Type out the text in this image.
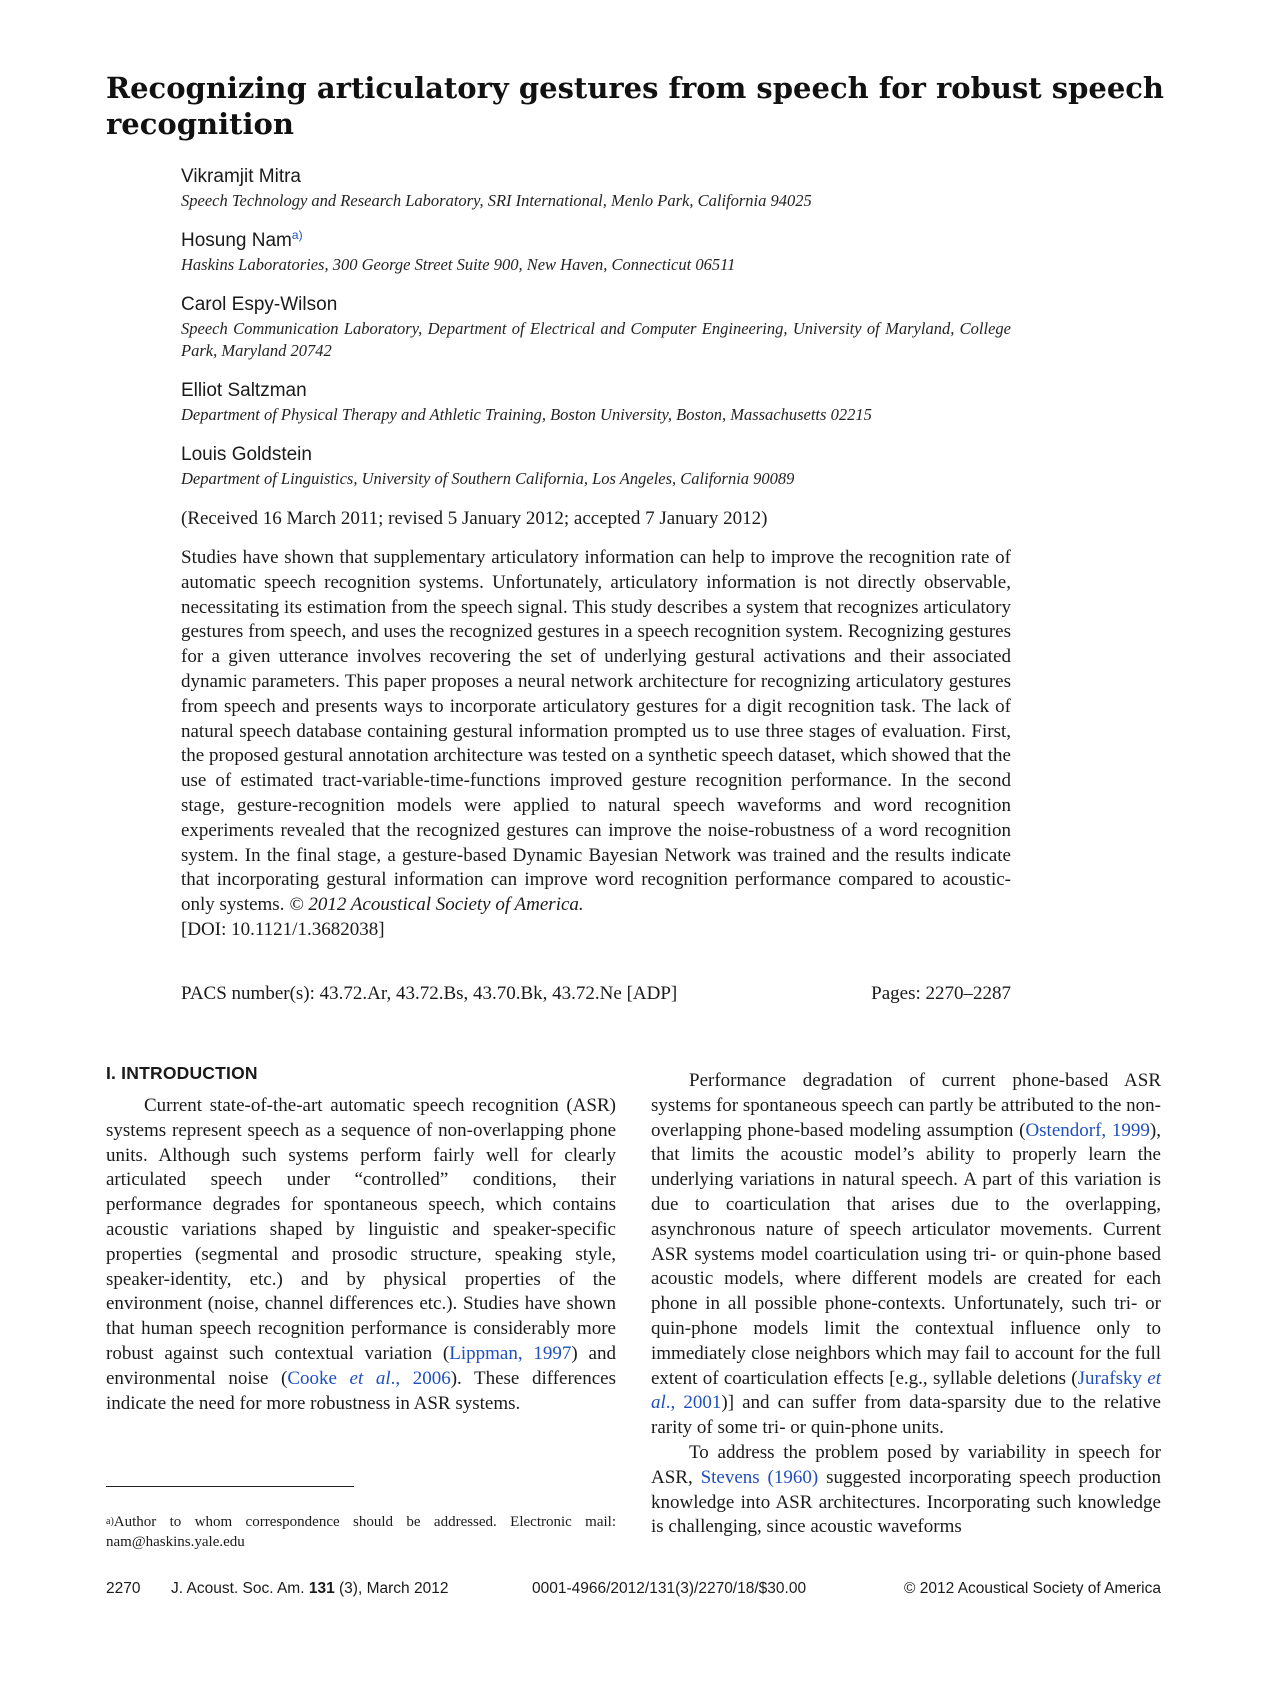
Recognizing articulatory gestures from speech for robust speech recognition
Vikramjit Mitra
Speech Technology and Research Laboratory, SRI International, Menlo Park, California 94025
Hosung Nam$^{a)}$
Haskins Laboratories, 300 George Street Suite 900, New Haven, Connecticut 06511
Carol Espy-Wilson
Speech Communication Laboratory, Department of Electrical and Computer Engineering, University of Maryland, College Park, Maryland 20742
Elliot Saltzman
Department of Physical Therapy and Athletic Training, Boston University, Boston, Massachusetts 02215
Louis Goldstein
Department of Linguistics, University of Southern California, Los Angeles, California 90089
(Received 16 March 2011; revised 5 January 2012; accepted 7 January 2012)
Studies have shown that supplementary articulatory information can help to improve the recognition rate of automatic speech recognition systems. Unfortunately, articulatory information is not directly observable, necessitating its estimation from the speech signal. This study describes a system that recognizes articulatory gestures from speech, and uses the recognized gestures in a speech recognition system. Recognizing gestures for a given utterance involves recovering the set of underlying gestural activations and their associated dynamic parameters. This paper proposes a neural network architecture for recognizing articulatory gestures from speech and presents ways to incorporate articulatory gestures for a digit recognition task. The lack of natural speech database containing gestural information prompted us to use three stages of evaluation. First, the proposed gestural annotation architecture was tested on a synthetic speech dataset, which showed that the use of estimated tract-variable-time-functions improved gesture recognition performance. In the second stage, gesture-recognition models were applied to natural speech waveforms and word recognition experiments revealed that the recognized gestures can improve the noise-robustness of a word recognition system. In the final stage, a gesture-based Dynamic Bayesian Network was trained and the results indicate that incorporating gestural information can improve word recognition performance compared to acoustic-only systems. © 2012 Acoustical Society of America.
[DOI: 10.1121/1.3682038]
PACS number(s): 43.72.Ar, 43.72.Bs, 43.70.Bk, 43.72.Ne [ADP]	Pages: 2270–2287
I. INTRODUCTION

Current state-of-the-art automatic speech recognition (ASR) systems represent speech as a sequence of non-overlapping phone units. Although such systems perform fairly well for clearly articulated speech under “controlled” conditions, their performance degrades for spontaneous speech, which contains acoustic variations shaped by linguistic and speaker-specific properties (segmental and prosodic structure, speaking style, speaker-identity, etc.) and by physical properties of the environment (noise, channel differences etc.). Studies have shown that human speech recognition performance is considerably more robust against such contextual variation (Lippman, 1997) and environmental noise (Cooke et al., 2006). These differences indicate the need for more robustness in ASR systems.

Performance degradation of current phone-based ASR systems for spontaneous speech can partly be attributed to the non-overlapping phone-based modeling assumption (Ostendorf, 1999), that limits the acoustic model’s ability to properly learn the underlying variations in natural speech. A part of this variation is due to coarticulation that arises due to the overlapping, asynchronous nature of speech articulator movements. Current ASR systems model coarticulation using tri- or quin-phone based acoustic models, where different models are created for each phone in all possible phone-contexts. Unfortunately, such tri- or quin-phone models limit the contextual influence only to immediately close neighbors which may fail to account for the full extent of coarticulation effects [e.g., syllable deletions (Jurafsky et al., 2001)] and can suffer from data-sparsity due to the relative rarity of some tri- or quin-phone units.

To address the problem posed by variability in speech for ASR, Stevens (1960) suggested incorporating speech production knowledge into ASR architectures. Incorporating such knowledge is challenging, since acoustic waveforms

$^{a)}$Author to whom correspondence should be addressed. Electronic mail: nam@haskins.yale.edu
2270 J. Acoust. Soc. Am. 131 (3), March 2012	0001-4966/2012/131(3)/2270/18/$30.00	© 2012 Acoustical Society of America
